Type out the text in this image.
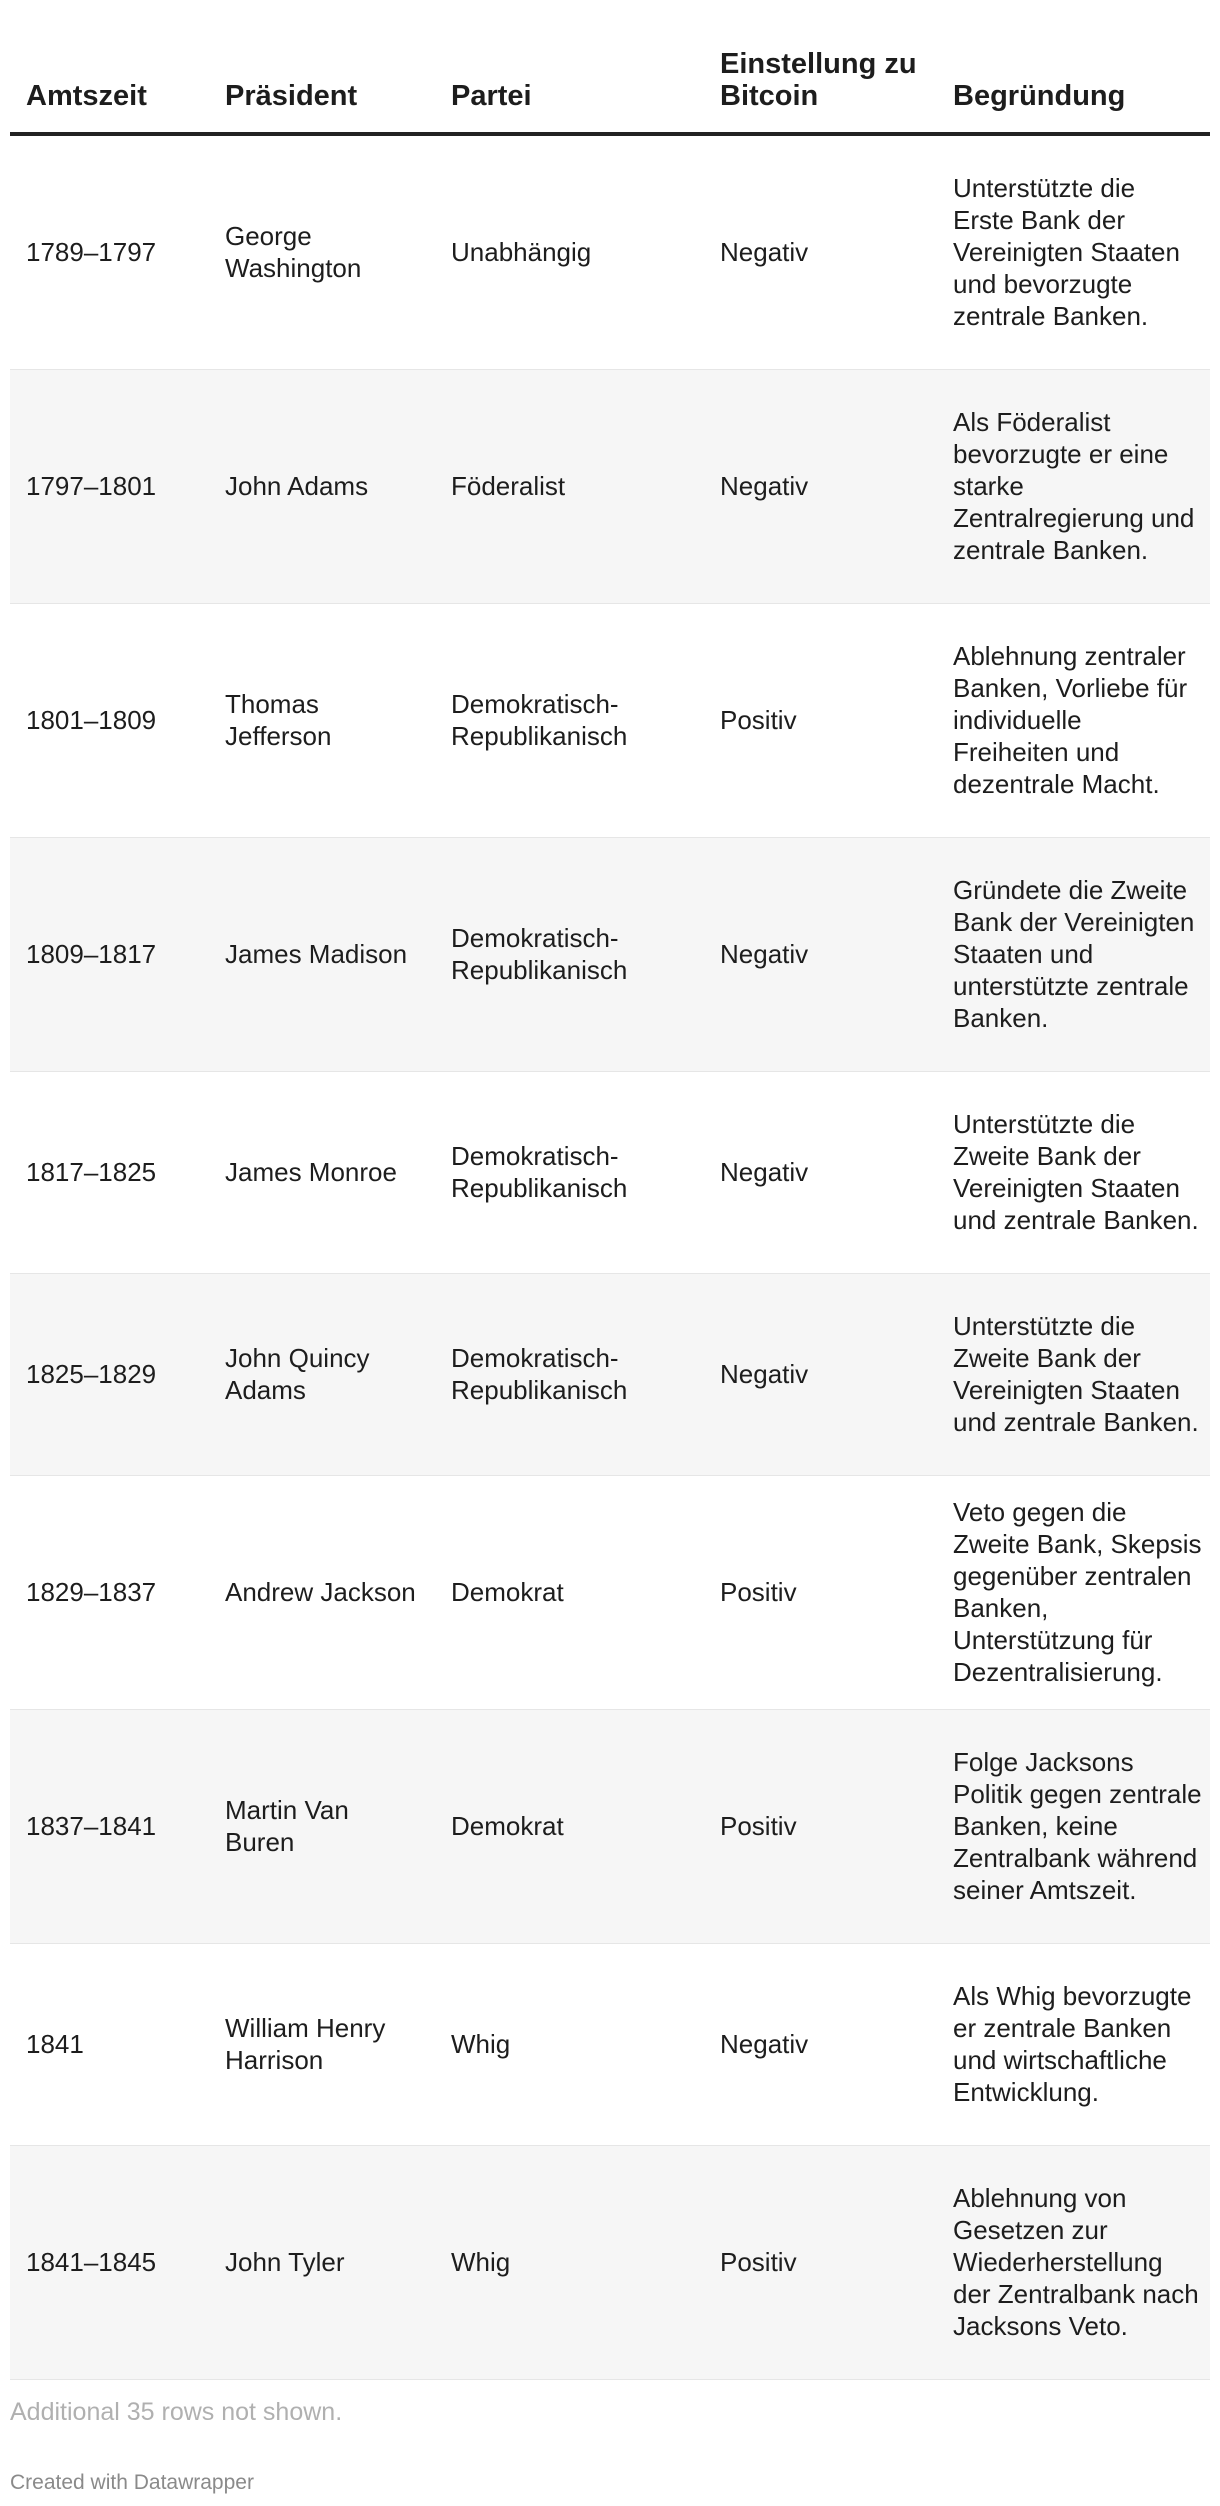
Amtszeit	Präsident	Partei	Einstellung zu Bitcoin	Begründung
1789–1797	George Washington	Unabhängig	Negativ	Unterstützte die Erste Bank der Vereinigten Staaten und bevorzugte zentrale Banken.
1797–1801	John Adams	Föderalist	Negativ	Als Föderalist bevorzugte er eine starke Zentralregierung und zentrale Banken.
1801–1809	Thomas Jefferson	Demokratisch-Republikanisch	Positiv	Ablehnung zentraler Banken, Vorliebe für individuelle Freiheiten und dezentrale Macht.
1809–1817	James Madison	Demokratisch-Republikanisch	Negativ	Gründete die Zweite Bank der Vereinigten Staaten und unterstützte zentrale Banken.
1817–1825	James Monroe	Demokratisch-Republikanisch	Negativ	Unterstützte die Zweite Bank der Vereinigten Staaten und zentrale Banken.
1825–1829	John Quincy Adams	Demokratisch-Republikanisch	Negativ	Unterstützte die Zweite Bank der Vereinigten Staaten und zentrale Banken.
1829–1837	Andrew Jackson	Demokrat	Positiv	Veto gegen die Zweite Bank, Skepsis gegenüber zentralen Banken, Unterstützung für Dezentralisierung.
1837–1841	Martin Van Buren	Demokrat	Positiv	Folge Jacksons Politik gegen zentrale Banken, keine Zentralbank während seiner Amtszeit.
1841	William Henry Harrison	Whig	Negativ	Als Whig bevorzugte er zentrale Banken und wirtschaftliche Entwicklung.
1841–1845	John Tyler	Whig	Positiv	Ablehnung von Gesetzen zur Wiederherstellung der Zentralbank nach Jacksons Veto.
Additional 35 rows not shown.
Created with Datawrapper
